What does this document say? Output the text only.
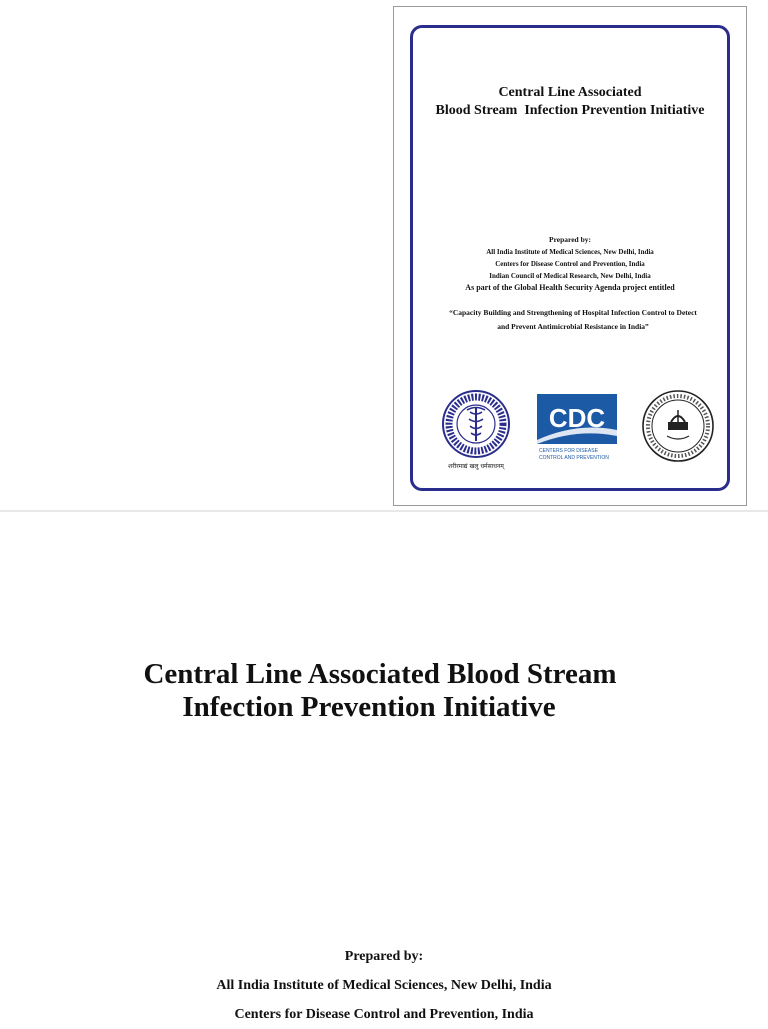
Central Line Associated
Blood Stream  Infection Prevention Initiative
Prepared by:
All India Institute of Medical Sciences, New Delhi, India
Centers for Disease Control and Prevention, India
Indian Council of Medical Research, New Delhi, India
As part of the Global Health Security Agenda project entitled
“Capacity Building and Strengthening of Hospital Infection Control to Detect
and Prevent Antimicrobial Resistance in India”
शरीरमाद्यं खलु धर्मसाधनम्
CDC
CENTERS FOR DISEASE
CONTROL AND PREVENTION
Central Line Associated Blood Stream
Infection Prevention Initiative
Prepared by:
All India Institute of Medical Sciences, New Delhi, India
Centers for Disease Control and Prevention, India
